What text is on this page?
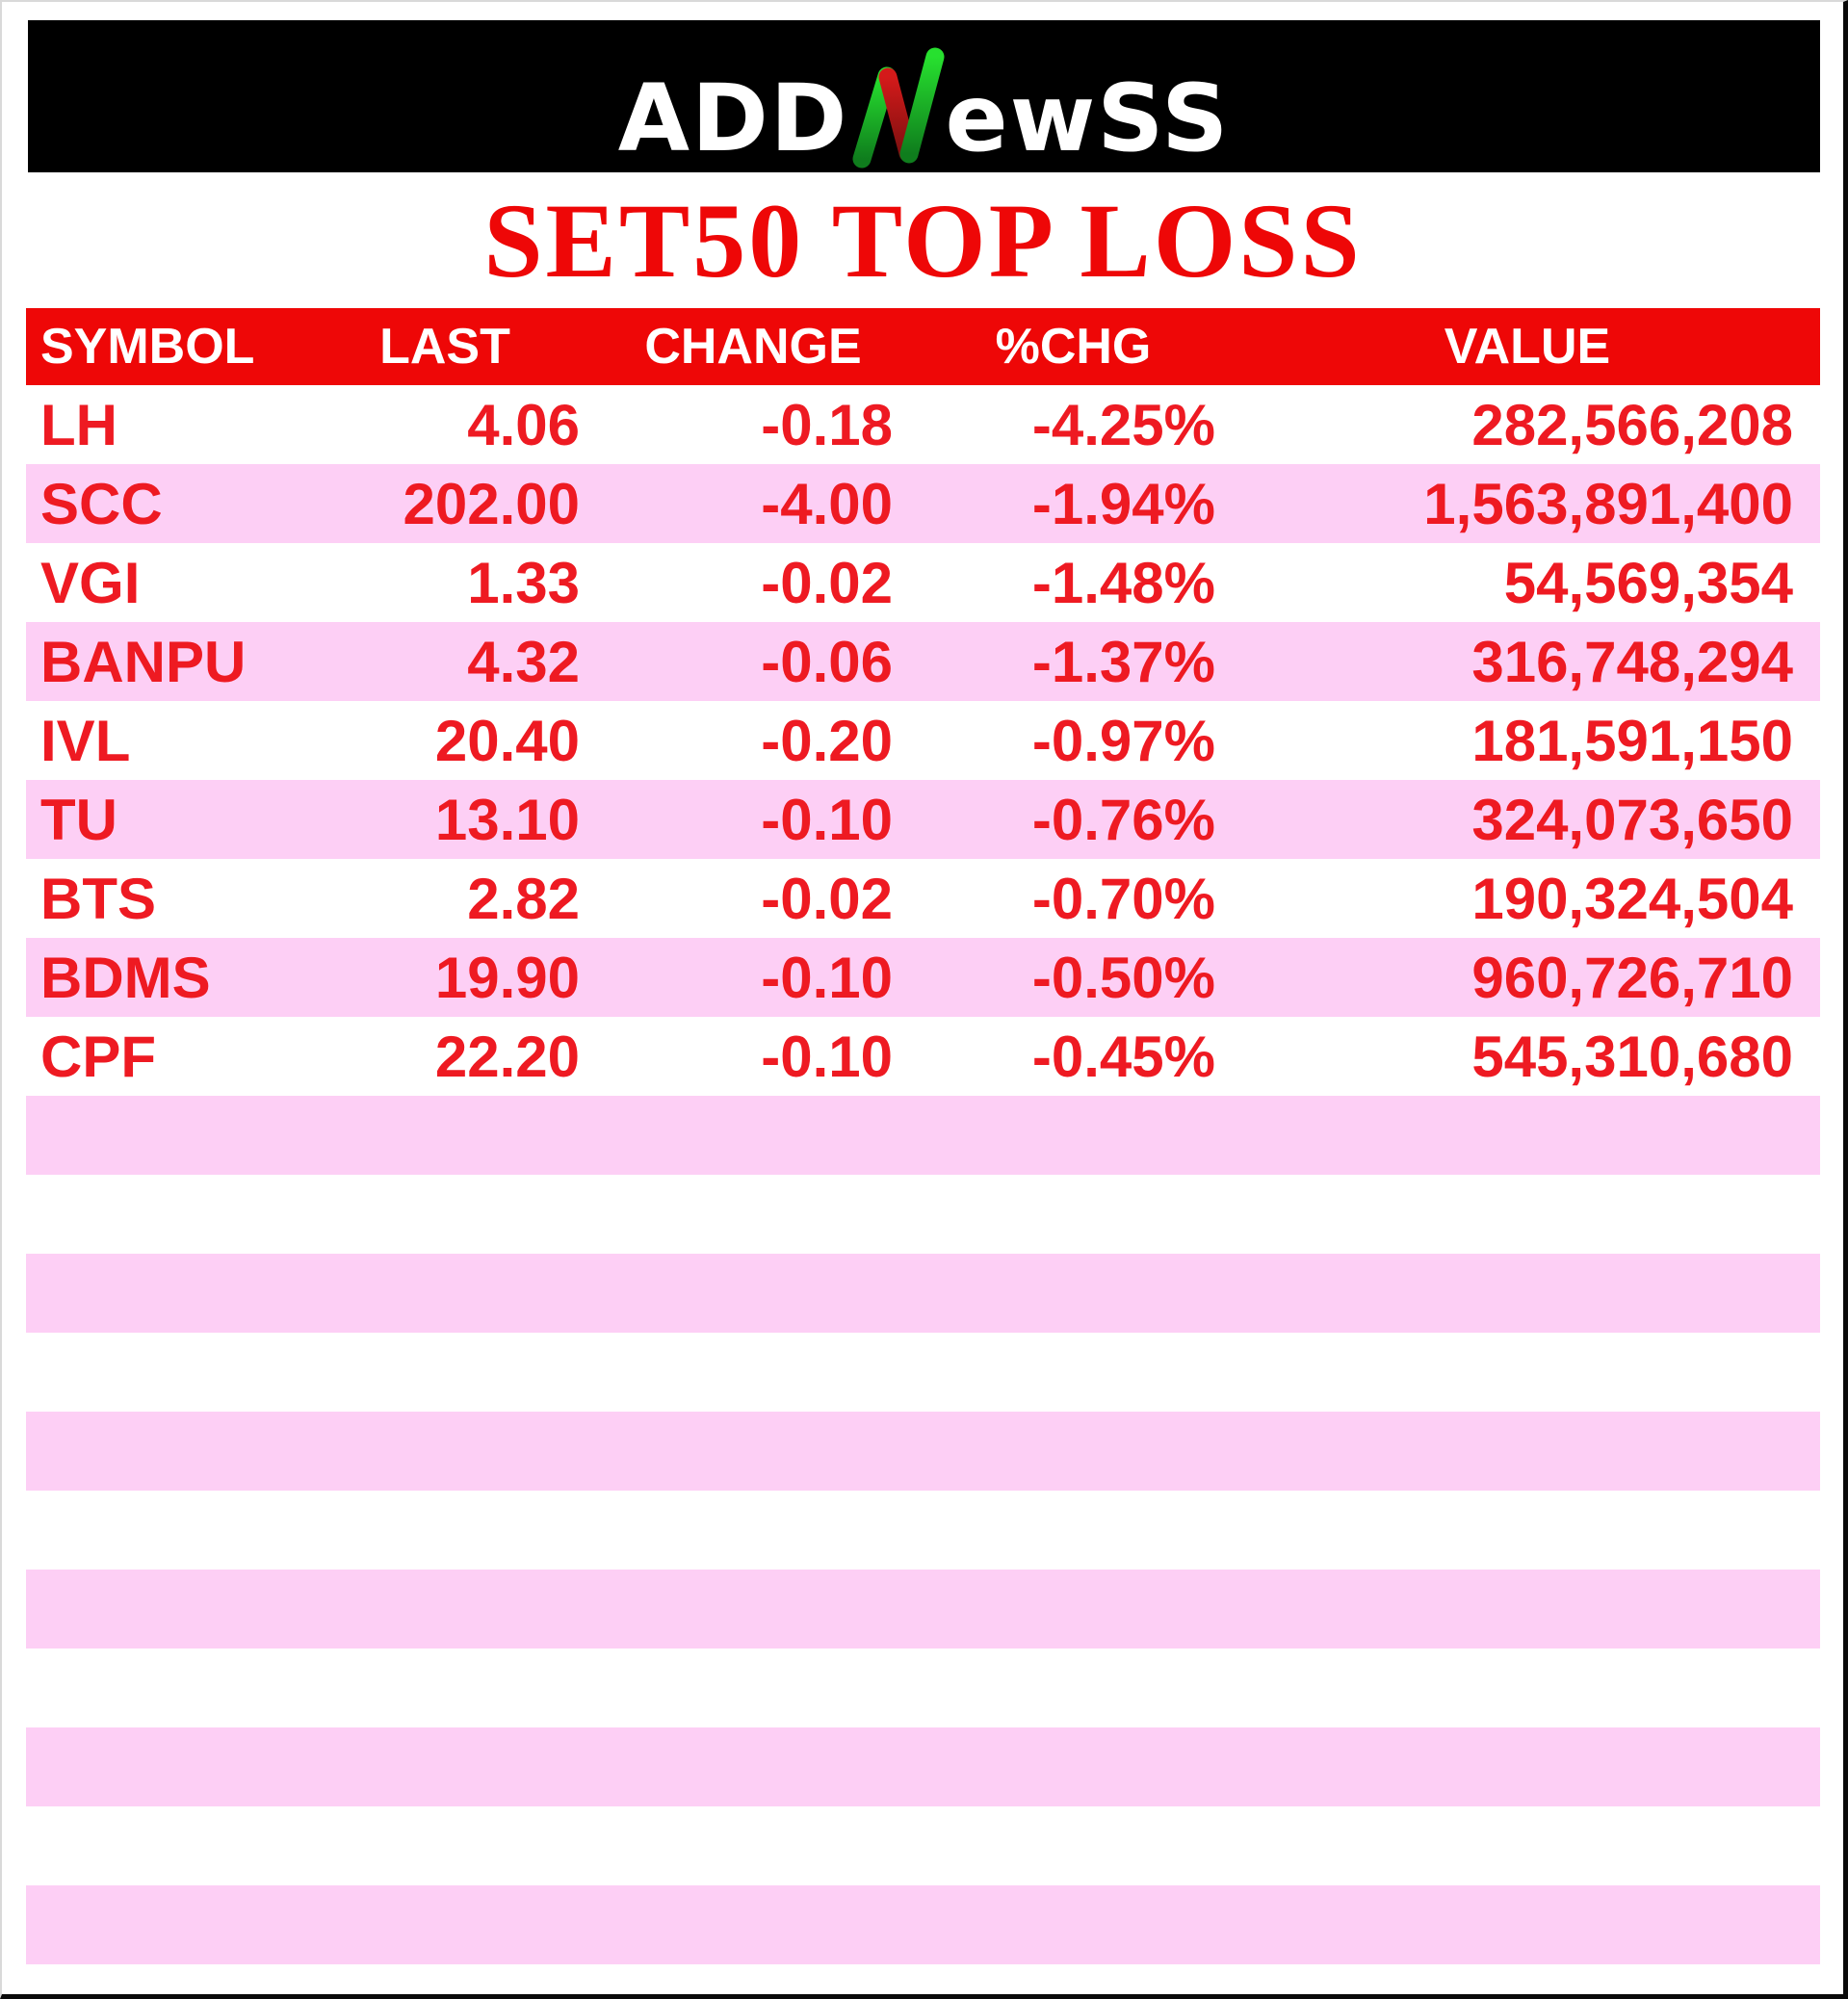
ADD ewSS
SET50 TOP LOSS
SYMBOL	LAST	CHANGE	%CHG	VALUE
LH	4.06	-0.18	-4.25%	282,566,208
SCC	202.00	-4.00	-1.94%	1,563,891,400
VGI	1.33	-0.02	-1.48%	54,569,354
BANPU	4.32	-0.06	-1.37%	316,748,294
IVL	20.40	-0.20	-0.97%	181,591,150
TU	13.10	-0.10	-0.76%	324,073,650
BTS	2.82	-0.02	-0.70%	190,324,504
BDMS	19.90	-0.10	-0.50%	960,726,710
CPF	22.20	-0.10	-0.45%	545,310,680
